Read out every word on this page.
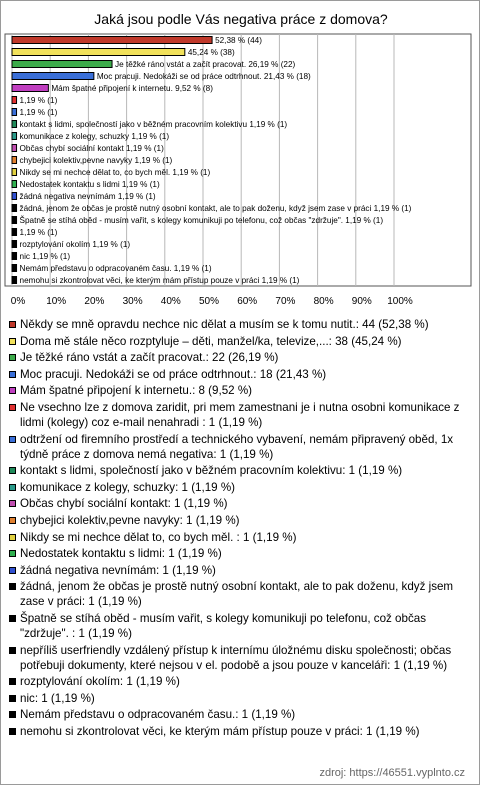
Jaká jsou podle Vás negativa práce z domova?
0% 10% 20% 30% 40% 50% 60% 70% 80% 90% 100%
52,38 % (44)
45,24 % (38)
Je těžké ráno vstát a začít pracovat. 26,19 % (22)
Moc pracuji. Nedokáži se od práce odtrhnout. 21,43 % (18)
Mám špatné připojení k internetu. 9,52 % (8)
1,19 % (1)
1,19 % (1)
kontakt s lidmi, společností jako v běžném pracovním kolektivu 1,19 % (1)
komunikace z kolegy, schuzky 1,19 % (1)
Občas chybí sociální kontakt 1,19 % (1)
chybejici kolektiv,pevne navyky 1,19 % (1)
Nikdy se mi nechce dělat to, co bych měl. 1,19 % (1)
Nedostatek kontaktu s lidmi 1,19 % (1)
žádná negativa nevnímám 1,19 % (1)
žádná, jenom že občas je prostě nutný osobní kontakt, ale to pak doženu, když jsem zase v práci 1,19 % (1)
Špatně se stíhá oběd - musím vařit, s kolegy komunikuji po telefonu, což občas "zdržuje". 1,19 % (1)
1,19 % (1)
rozptylování okolím 1,19 % (1)
nic 1,19 % (1)
Nemám představu o odpracovaném času. 1,19 % (1)
nemohu si zkontrolovat věci, ke kterým mám přístup pouze v práci 1,19 % (1)
Někdy se mně opravdu nechce nic dělat a musím se k tomu nutit.: 44 (52,38 %)
Doma mě stále něco rozptyluje – děti, manžel/ka, televize,...: 38 (45,24 %)
Je těžké ráno vstát a začít pracovat.: 22 (26,19 %)
Moc pracuji. Nedokáži se od práce odtrhnout.: 18 (21,43 %)
Mám špatné připojení k internetu.: 8 (9,52 %)
Ne vsechno lze z domova zaridit, pri mem zamestnani je i nutna osobni komunikace z lidmi (kolegy) coz e-mail nenahradi : 1 (1,19 %)
odtržení od firemního prostředí a technického vybavení, nemám připravený oběd, 1x týdně práce z domova nemá negativa: 1 (1,19 %)
kontakt s lidmi, společností jako v běžném pracovním kolektivu: 1 (1,19 %)
komunikace z kolegy, schuzky: 1 (1,19 %)
Občas chybí sociální kontakt: 1 (1,19 %)
chybejici kolektiv,pevne navyky: 1 (1,19 %)
Nikdy se mi nechce dělat to, co bych měl. : 1 (1,19 %)
Nedostatek kontaktu s lidmi: 1 (1,19 %)
žádná negativa nevnímám: 1 (1,19 %)
žádná, jenom že občas je prostě nutný osobní kontakt, ale to pak doženu, když jsem zase v práci: 1 (1,19 %)
Špatně se stíhá oběd - musím vařit, s kolegy komunikuji po telefonu, což občas "zdržuje". : 1 (1,19 %)
nepříliš userfriendly vzdálený přístup k internímu úložnému disku společnosti; občas potřebuji dokumenty, které nejsou v el. podobě a jsou pouze v kanceláři: 1 (1,19 %)
rozptylování okolím: 1 (1,19 %)
nic: 1 (1,19 %)
Nemám představu o odpracovaném času.: 1 (1,19 %)
nemohu si zkontrolovat věci, ke kterým mám přístup pouze v práci: 1 (1,19 %)
zdroj: https://46551.vyplnto.cz
